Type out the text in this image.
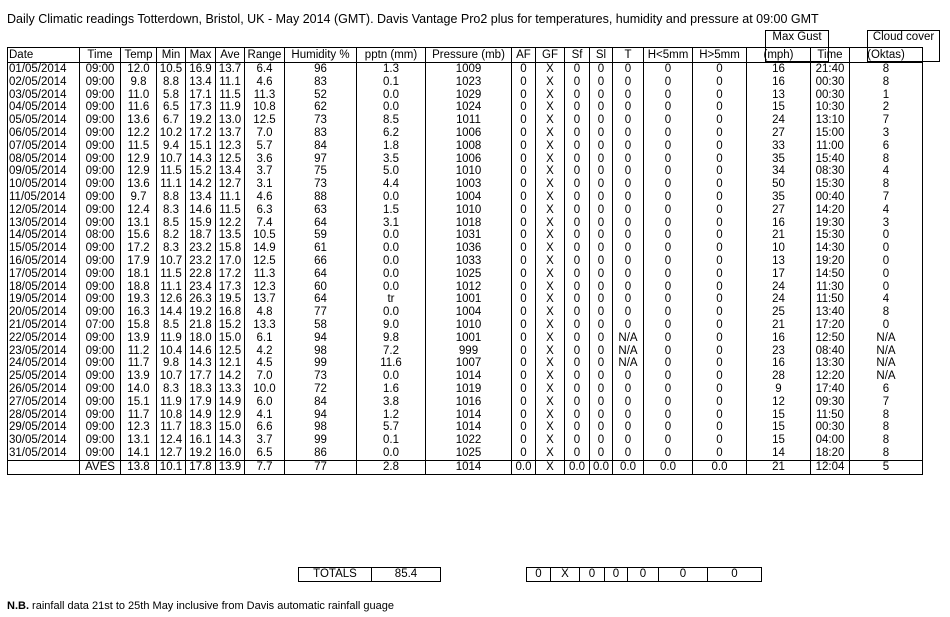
Daily Climatic readings Totterdown, Bristol, UK - May 2014 (GMT). Davis Vantage Pro2 plus for temperatures, humidity and pressure at 09:00 GMT
Max Gust	Cloud cover
Date	Time	Temp	Min	Max	Ave	Range	Humidity %	pptn (mm)	Pressure (mb)	AF	GF	Sf	Sl	T	H<5mm	H>5mm	(mph)	Time	(Oktas)
01/05/2014	09:00	12.0	10.5	16.9	13.7	6.4	96	1.3	1009	0	X	0	0	0	0	0	16	21:40	8
02/05/2014	09:00	9.8	8.8	13.4	11.1	4.6	83	0.1	1023	0	X	0	0	0	0	0	16	00:30	8
03/05/2014	09:00	11.0	5.8	17.1	11.5	11.3	52	0.0	1029	0	X	0	0	0	0	0	13	00:30	1
04/05/2014	09:00	11.6	6.5	17.3	11.9	10.8	62	0.0	1024	0	X	0	0	0	0	0	15	10:30	2
05/05/2014	09:00	13.6	6.7	19.2	13.0	12.5	73	8.5	1011	0	X	0	0	0	0	0	24	13:10	7
06/05/2014	09:00	12.2	10.2	17.2	13.7	7.0	83	6.2	1006	0	X	0	0	0	0	0	27	15:00	3
07/05/2014	09:00	11.5	9.4	15.1	12.3	5.7	84	1.8	1008	0	X	0	0	0	0	0	33	11:00	6
08/05/2014	09:00	12.9	10.7	14.3	12.5	3.6	97	3.5	1006	0	X	0	0	0	0	0	35	15:40	8
09/05/2014	09:00	12.9	11.5	15.2	13.4	3.7	75	5.0	1010	0	X	0	0	0	0	0	34	08:30	4
10/05/2014	09:00	13.6	11.1	14.2	12.7	3.1	73	4.4	1003	0	X	0	0	0	0	0	50	15:30	8
11/05/2014	09:00	9.7	8.8	13.4	11.1	4.6	88	0.0	1004	0	X	0	0	0	0	0	35	00:40	7
12/05/2014	09:00	12.4	8.3	14.6	11.5	6.3	63	1.5	1010	0	X	0	0	0	0	0	27	14:20	4
13/05/2014	09:00	13.1	8.5	15.9	12.2	7.4	64	3.1	1018	0	X	0	0	0	0	0	16	19:30	3
14/05/2014	08:00	15.6	8.2	18.7	13.5	10.5	59	0.0	1031	0	X	0	0	0	0	0	21	15:30	0
15/05/2014	09:00	17.2	8.3	23.2	15.8	14.9	61	0.0	1036	0	X	0	0	0	0	0	10	14:30	0
16/05/2014	09:00	17.9	10.7	23.2	17.0	12.5	66	0.0	1033	0	X	0	0	0	0	0	13	19:20	0
17/05/2014	09:00	18.1	11.5	22.8	17.2	11.3	64	0.0	1025	0	X	0	0	0	0	0	17	14:50	0
18/05/2014	09:00	18.8	11.1	23.4	17.3	12.3	60	0.0	1012	0	X	0	0	0	0	0	24	11:30	0
19/05/2014	09:00	19.3	12.6	26.3	19.5	13.7	64	tr	1001	0	X	0	0	0	0	0	24	11:50	4
20/05/2014	09:00	16.3	14.4	19.2	16.8	4.8	77	0.0	1004	0	X	0	0	0	0	0	25	13:40	8
21/05/2014	07:00	15.8	8.5	21.8	15.2	13.3	58	9.0	1010	0	X	0	0	0	0	0	21	17:20	0
22/05/2014	09:00	13.9	11.9	18.0	15.0	6.1	94	9.8	1001	0	X	0	0	N/A	0	0	16	12:50	N/A
23/05/2014	09:00	11.2	10.4	14.6	12.5	4.2	98	7.2	999	0	X	0	0	N/A	0	0	23	08:40	N/A
24/05/2014	09:00	11.7	9.8	14.3	12.1	4.5	99	11.6	1007	0	X	0	0	N/A	0	0	16	13:30	N/A
25/05/2014	09:00	13.9	10.7	17.7	14.2	7.0	73	0.0	1014	0	X	0	0	0	0	0	28	12:20	N/A
26/05/2014	09:00	14.0	8.3	18.3	13.3	10.0	72	1.6	1019	0	X	0	0	0	0	0	9	17:40	6
27/05/2014	09:00	15.1	11.9	17.9	14.9	6.0	84	3.8	1016	0	X	0	0	0	0	0	12	09:30	7
28/05/2014	09:00	11.7	10.8	14.9	12.9	4.1	94	1.2	1014	0	X	0	0	0	0	0	15	11:50	8
29/05/2014	09:00	12.3	11.7	18.3	15.0	6.6	98	5.7	1014	0	X	0	0	0	0	0	15	00:30	8
30/05/2014	09:00	13.1	12.4	16.1	14.3	3.7	99	0.1	1022	0	X	0	0	0	0	0	15	04:00	8
31/05/2014	09:00	14.1	12.7	19.2	16.0	6.5	86	0.0	1025	0	X	0	0	0	0	0	14	18:20	8
	AVES	13.8	10.1	17.8	13.9	7.7	77	2.8	1014	0.0	X	0.0	0.0	0.0	0.0	0.0	21	12:04	5
TOTALS	85.4	0	X	0	0	0	0	0
N.B. rainfall data 21st to 25th May inclusive from Davis automatic rainfall guage
